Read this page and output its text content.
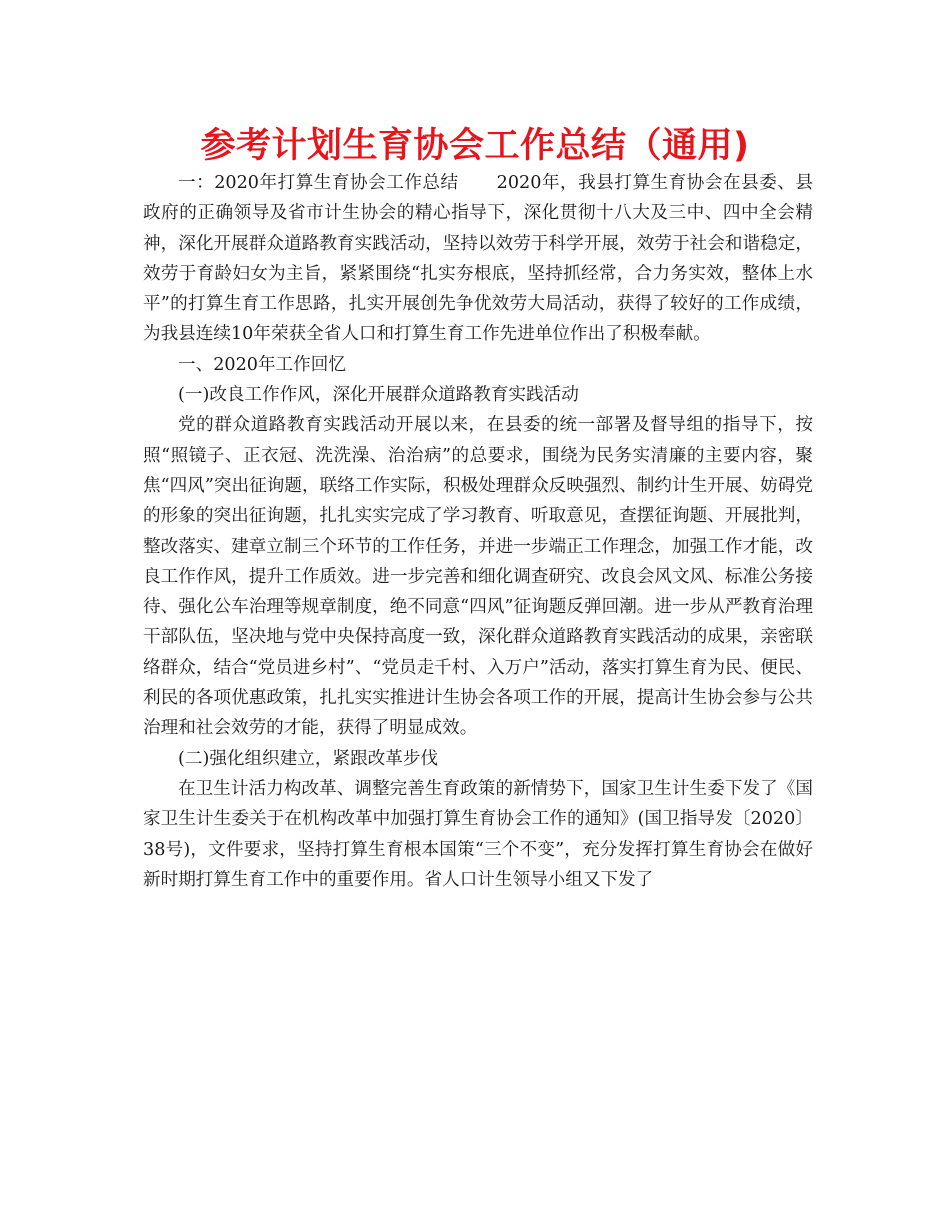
参考计划生育协会工作总结（通用)

一：2020年打算生育协会工作总结 2020年，我县打算生育协会在县委、县政府的正确领导及省市计生协会的精心指导下，深化贯彻十八大及三中、四中全会精神，深化开展群众道路教育实践活动，坚持以效劳于科学开展，效劳于社会和谐稳定，效劳于育龄妇女为主旨，紧紧围绕“扎实夯根底，坚持抓经常，合力务实效，整体上水平”的打算生育工作思路，扎实开展创先争优效劳大局活动，获得了较好的工作成绩，为我县连续10年荣获全省人口和打算生育工作先进单位作出了积极奉献。

一、2020年工作回忆

(一)改良工作作风，深化开展群众道路教育实践活动

党的群众道路教育实践活动开展以来，在县委的统一部署及督导组的指导下，按照“照镜子、正衣冠、洗洗澡、治治病”的总要求，围绕为民务实清廉的主要内容，聚焦“四风”突出征询题，联络工作实际，积极处理群众反映强烈、制约计生开展、妨碍党的形象的突出征询题，扎扎实实完成了学习教育、听取意见，查摆征询题、开展批判，整改落实、建章立制三个环节的工作任务，并进一步端正工作理念，加强工作才能，改良工作作风，提升工作质效。进一步完善和细化调查研究、改良会风文风、标准公务接待、强化公车治理等规章制度，绝不同意“四风”征询题反弹回潮。进一步从严教育治理干部队伍，坚决地与党中央保持高度一致，深化群众道路教育实践活动的成果，亲密联络群众，结合“党员进乡村”、“党员走千村、入万户”活动，落实打算生育为民、便民、利民的各项优惠政策，扎扎实实推进计生协会各项工作的开展，提高计生协会参与公共治理和社会效劳的才能，获得了明显成效。

(二)强化组织建立，紧跟改革步伐

在卫生计活力构改革、调整完善生育政策的新情势下，国家卫生计生委下发了《国家卫生计生委关于在机构改革中加强打算生育协会工作的通知》(国卫指导发〔2020〕38号)，文件要求，坚持打算生育根本国策“三个不变”，充分发挥打算生育协会在做好新时期打算生育工作中的重要作用。省人口计生领导小组又下发了
